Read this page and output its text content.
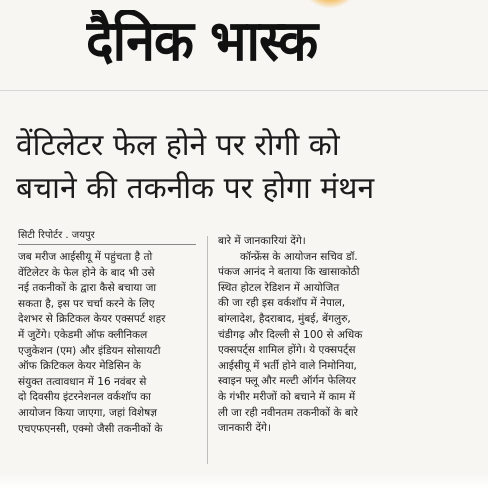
दैनिक भास्क
वेंटिलेटर फेल होने पर रोगी को
बचाने की तकनीक पर होगा मंथन
सिटी रिपोर्टर . जयपुर
जब मरीज आईसीयू में पहुंचता है तो
वेंटिलेटर के फेल होने के बाद भी उसे
नई तकनीकों के द्वारा कैसे बचाया जा
सकता है, इस पर चर्चा करने के लिए
देशभर से क्रिटिकल केयर एक्सपर्ट शहर
में जुटेंगे। एकेडमी ऑफ क्लीनिकल
एजुकेशन (एम) और इंडियन सोसायटी
ऑफ क्रिटिकल केयर मेडिसिन के
संयुक्त तत्वावधान में 16 नवंबर से
दो दिवसीय इंटरनेशनल वर्कशॉप का
आयोजन किया जाएगा, जहां विशेषज्ञ
एचएफएनसी, एक्मो जैसी तकनीकों के
बारे में जानकारियां देंगे।
कॉन्फ्रेंस के आयोजन सचिव डॉ.
पंकज आनंद ने बताया कि खासाकोठी
स्थित होटल रेडिशन में आयोजित
की जा रही इस वर्कशॉप में नेपाल,
बांग्लादेश, हैदराबाद, मुंबई, बेंगलुरु,
चंडीगढ़ और दिल्ली से 100 से अधिक
एक्सपर्ट्स शामिल होंगे। ये एक्सपर्ट्स
आईसीयू में भर्ती होने वाले निमोनिया,
स्वाइन फ्लू और मल्टी ऑर्गन फेलियर
के गंभीर मरीजों को बचाने में काम में
ली जा रही नवीनतम तकनीकों के बारे
जानकारी देंगे।
